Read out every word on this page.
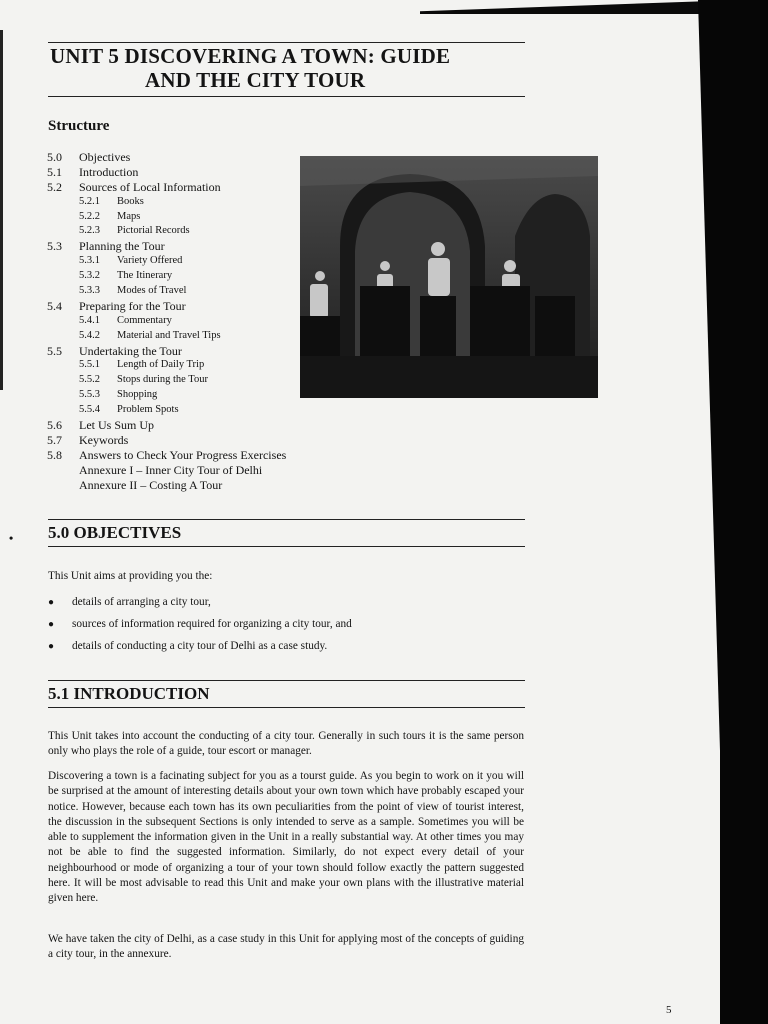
UNIT 5 DISCOVERING A TOWN: GUIDE
AND THE CITY TOUR
Structure
5.0 Objectives
5.1 Introduction
5.2 Sources of Local Information
5.2.1 Books
5.2.2 Maps
5.2.3 Pictorial Records
5.3 Planning the Tour
5.3.1 Variety Offered
5.3.2 The Itinerary
5.3.3 Modes of Travel
5.4 Preparing for the Tour
5.4.1 Commentary
5.4.2 Material and Travel Tips
5.5 Undertaking the Tour
5.5.1 Length of Daily Trip
5.5.2 Stops during the Tour
5.5.3 Shopping
5.5.4 Problem Spots
5.6 Let Us Sum Up
5.7 Keywords
5.8 Answers to Check Your Progress Exercises
Annexure I – Inner City Tour of Delhi
Annexure II – Costing A Tour
5.0 OBJECTIVES
•
This Unit aims at providing you the:
● details of arranging a city tour,
● sources of information required for organizing a city tour, and
● details of conducting a city tour of Delhi as a case study.
5.1 INTRODUCTION
This Unit takes into account the conducting of a city tour. Generally in such tours it is the same person only who plays the role of a guide, tour escort or manager.
Discovering a town is a facinating subject for you as a tourst guide. As you begin to work on it you will be surprised at the amount of interesting details about your own town which have probably escaped your notice. However, because each town has its own peculiarities from the point of view of tourist interest, the discussion in the subsequent Sections is only intended to serve as a sample. Sometimes you will be able to supplement the information given in the Unit in a really substantial way. At other times you may not be able to find the suggested information. Similarly, do not expect every detail of your neighbourhood or mode of organizing a tour of your town should follow exactly the pattern suggested here. It will be most advisable to read this Unit and make your own plans with the illustrative material given here.
We have taken the city of Delhi, as a case study in this Unit for applying most of the concepts of guiding a city tour, in the annexure.
5
